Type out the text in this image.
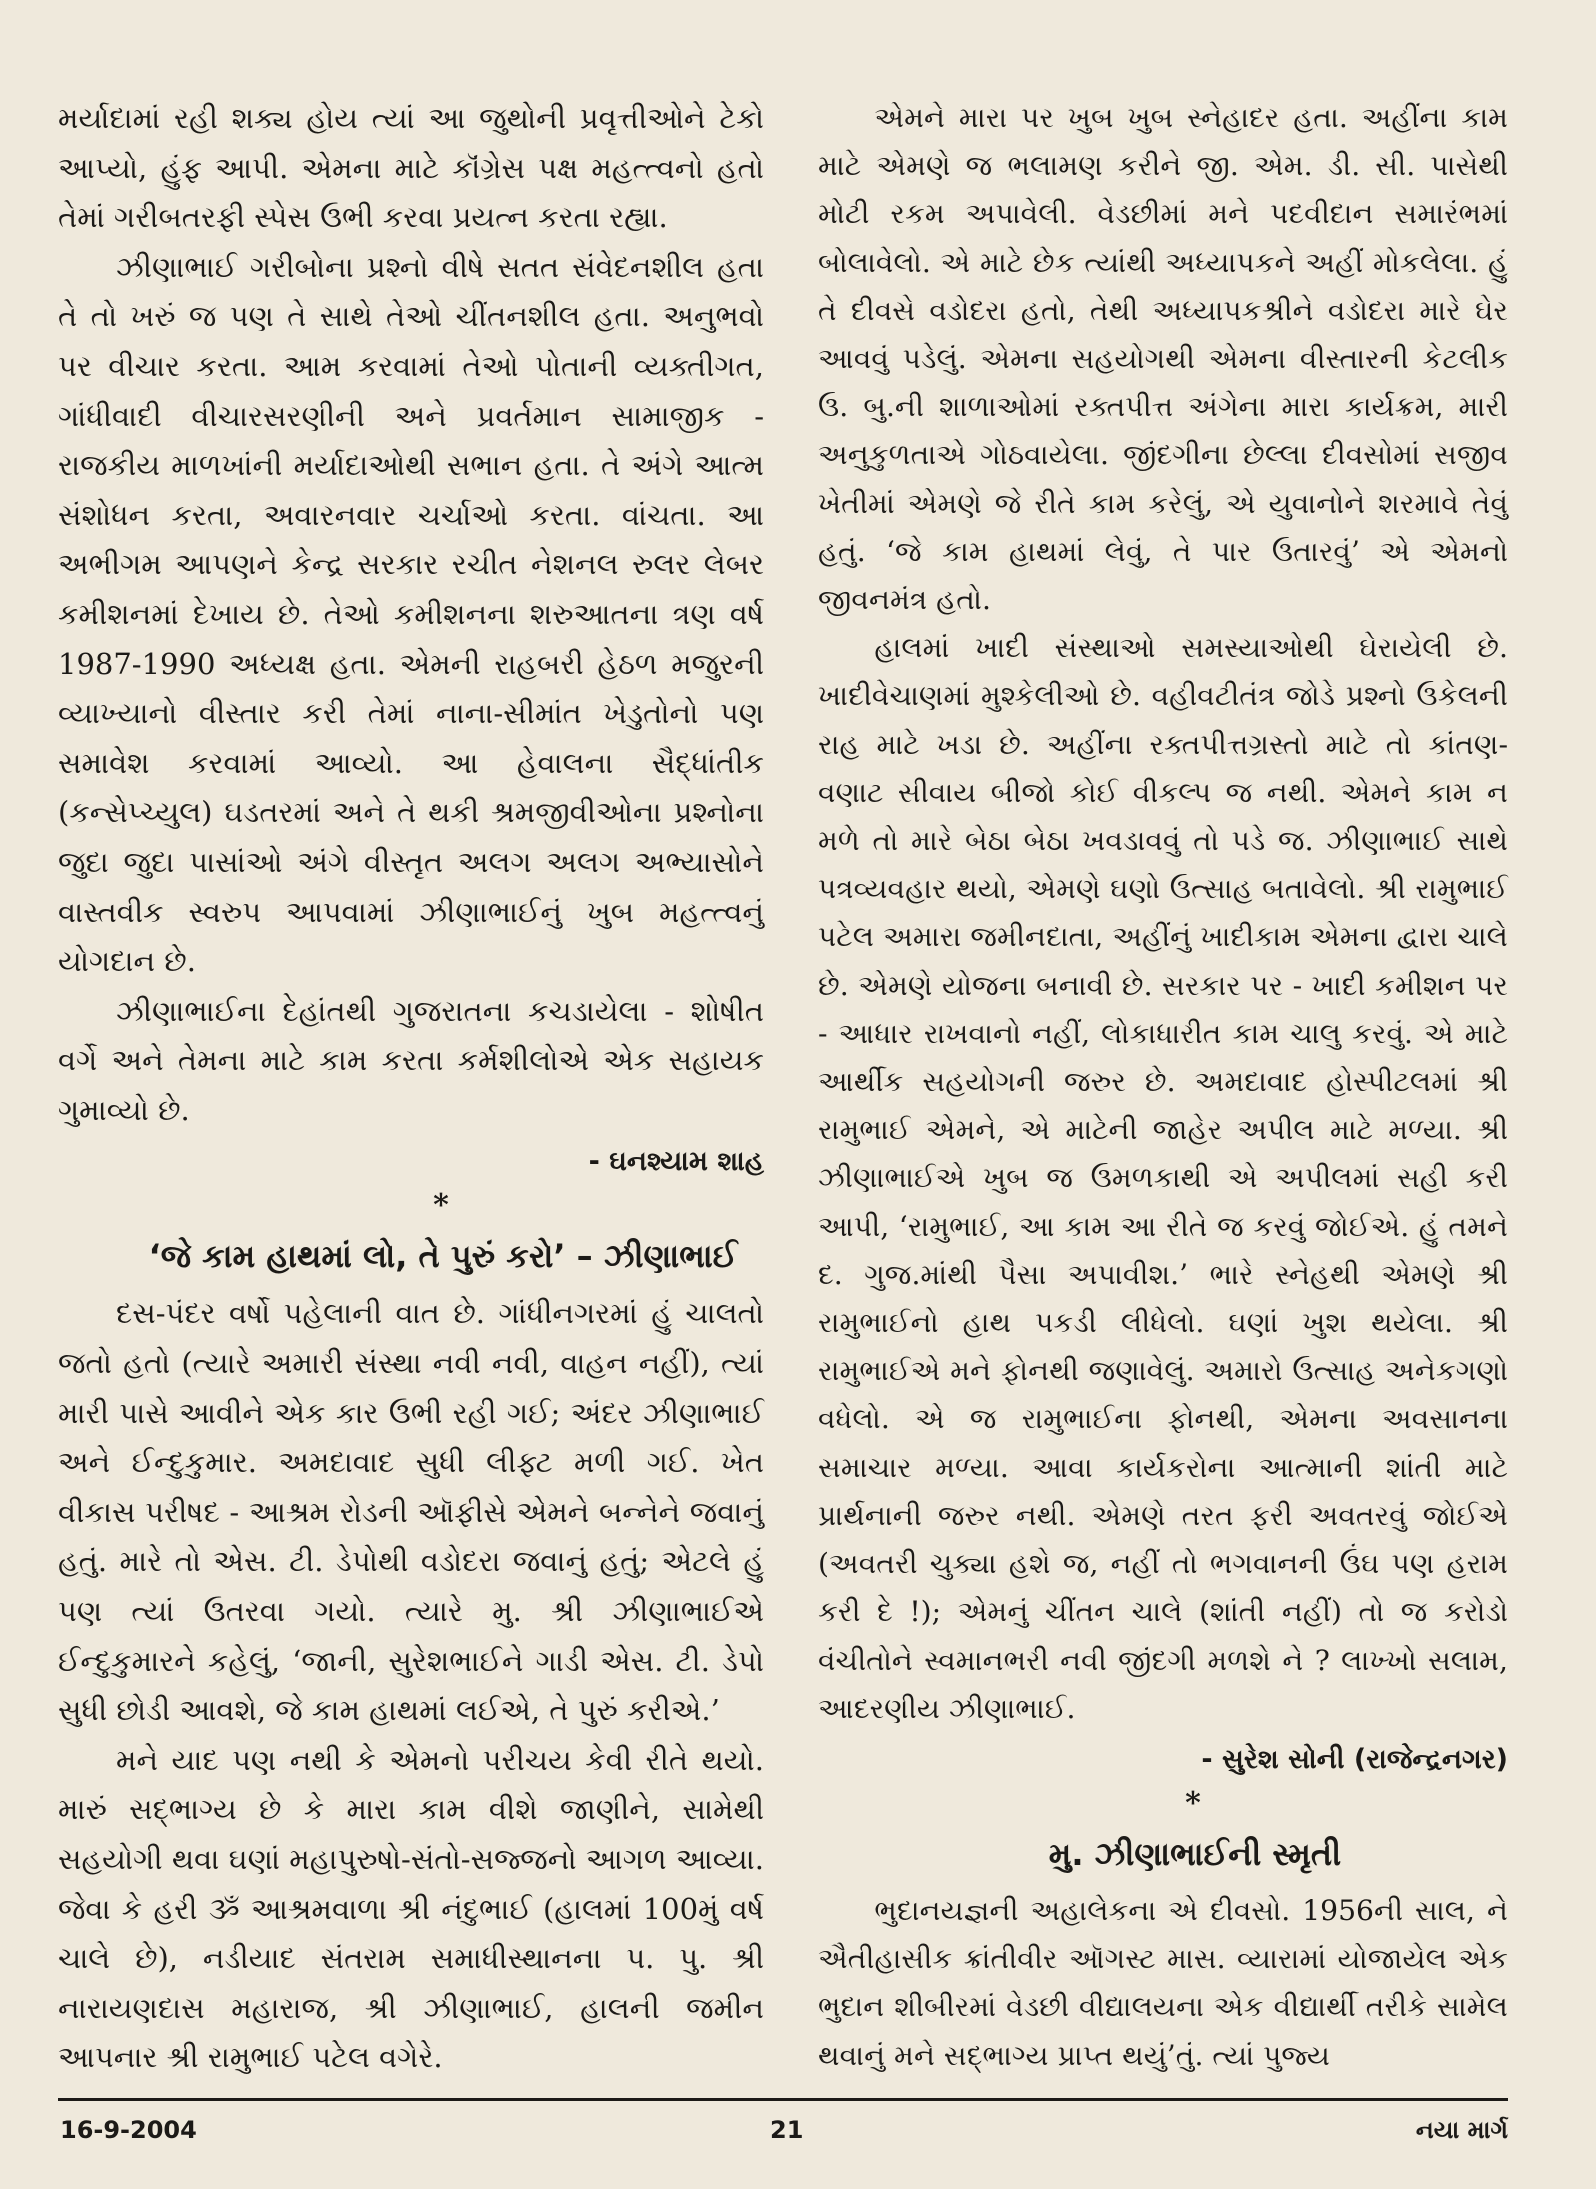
મર્યાદામાં રહી શક્ય હોય ત્યાં આ જુથોની પ્રવૃત્તીઓને ટેકો આપ્યો, હુંફ આપી. એમના માટે કૉંગ્રેસ પક્ષ મહત્ત્વનો હતો તેમાં ગરીબતરફી સ્પેસ ઉભી કરવા પ્રયત્ન કરતા રહ્યા.

ઝીણાભાઈ ગરીબોના પ્રશ્નો વીષે સતત સંવેદનશીલ હતા તે તો ખરું જ પણ તે સાથે તેઓ ચીંતનશીલ હતા. અનુભવો પર વીચાર કરતા. આમ કરવામાં તેઓ પોતાની વ્યક્તીગત, ગાંધીવાદી વીચારસરણીની અને પ્રવર્તમાન સામાજીક - રાજકીય માળખાંની મર્યાદાઓથી સભાન હતા. તે અંગે આત્મ સંશોધન કરતા, અવારનવાર ચર્ચાઓ કરતા. વાંચતા. આ અભીગમ આપણને કેન્દ્ર સરકાર રચીત નેશનલ રુલર લેબર કમીશનમાં દેખાય છે. તેઓ કમીશનના શરુઆતના ત્રણ વર્ષ 1987-1990 અધ્યક્ષ હતા. એમની રાહબરી હેઠળ મજુરની વ્યાખ્યાનો વીસ્તાર કરી તેમાં નાના-સીમાંત ખેડુતોનો પણ સમાવેશ કરવામાં આવ્યો. આ હેવાલના સૈદ્ધાંતીક (કન્સેપ્ચ્યુલ) ઘડતરમાં અને તે થકી શ્રમજીવીઓના પ્રશ્નોના જુદા જુદા પાસાંઓ અંગે વીસ્તૃત અલગ અલગ અભ્યાસોને વાસ્તવીક સ્વરુપ આપવામાં ઝીણાભાઈનું ખુબ મહત્ત્વનું યોગદાન છે.

ઝીણાભાઈના દેહાંતથી ગુજરાતના કચડાયેલા - શોષીત વર્ગે અને તેમના માટે કામ કરતા કર્મશીલોએ એક સહાયક ગુમાવ્યો છે.

- ઘનશ્યામ શાહ

*

‘જે કામ હાથમાં લો, તે પુરું કરો’ – ઝીણાભાઈ

દસ-પંદર વર્ષો પહેલાની વાત છે. ગાંધીનગરમાં હું ચાલતો જતો હતો (ત્યારે અમારી સંસ્થા નવી નવી, વાહન નહીં), ત્યાં મારી પાસે આવીને એક કાર ઉભી રહી ગઈ; અંદર ઝીણાભાઈ અને ઈન્દુકુમાર. અમદાવાદ સુધી લીફ્ટ મળી ગઈ. ખેત વીકાસ પરીષદ - આશ્રમ રોડની ઑફીસે એમને બન્નેને જવાનું હતું. મારે તો એસ. ટી. ડેપોથી વડોદરા જવાનું હતું; એટલે હું પણ ત્યાં ઉતરવા ગયો. ત્યારે મુ. શ્રી ઝીણાભાઈએ ઈન્દુકુમારને કહેલું, ‘જાની, સુરેશભાઈને ગાડી એસ. ટી. ડેપો સુધી છોડી આવશે, જે કામ હાથમાં લઈએ, તે પુરું કરીએ.’

મને યાદ પણ નથી કે એમનો પરીચય કેવી રીતે થયો. મારું સદ્‌ભાગ્ય છે કે મારા કામ વીશે જાણીને, સામેથી સહયોગી થવા ઘણાં મહાપુરુષો-સંતો-સજ્જનો આગળ આવ્યા. જેવા કે હરી ૐ આશ્રમવાળા શ્રી નંદુભાઈ (હાલમાં 100મું વર્ષ ચાલે છે), નડીયાદ સંતરામ સમાધીસ્થાનના પ. પુ. શ્રી નારાયણદાસ મહારાજ, શ્રી ઝીણાભાઈ, હાલની જમીન આપનાર શ્રી રામુભાઈ પટેલ વગેરે.

એમને મારા પર ખુબ ખુબ સ્નેહાદર હતા. અહીંના કામ માટે એમણે જ ભલામણ કરીને જી. એમ. ડી. સી. પાસેથી મોટી રકમ અપાવેલી. વેડછીમાં મને પદવીદાન સમારંભમાં બોલાવેલો. એ માટે છેક ત્યાંથી અધ્યાપકને અહીં મોકલેલા. હું તે દીવસે વડોદરા હતો, તેથી અધ્યાપકશ્રીને વડોદરા મારે ઘેર આવવું પડેલું. એમના સહયોગથી એમના વીસ્તારની કેટલીક ઉ. બુ.ની શાળાઓમાં રક્તપીત્ત અંગેના મારા કાર્યક્રમ, મારી અનુકુળતાએ ગોઠવાયેલા. જીંદગીના છેલ્લા દીવસોમાં સજીવ ખેતીમાં એમણે જે રીતે કામ કરેલું, એ યુવાનોને શરમાવે તેવું હતું. ‘જે કામ હાથમાં લેવું, તે પાર ઉતારવું’ એ એમનો જીવનમંત્ર હતો.

હાલમાં ખાદી સંસ્થાઓ સમસ્યાઓથી ઘેરાયેલી છે. ખાદીવેચાણમાં મુશ્કેલીઓ છે. વહીવટીતંત્ર જોડે પ્રશ્નો ઉકેલની રાહ માટે ખડા છે. અહીંના રક્તપીત્તગ્રસ્તો માટે તો કાંતણ-વણાટ સીવાય બીજો કોઈ વીકલ્પ જ નથી. એમને કામ ન મળે તો મારે બેઠા બેઠા ખવડાવવું તો પડે જ. ઝીણાભાઈ સાથે પત્રવ્યવહાર થયો, એમણે ઘણો ઉત્સાહ બતાવેલો. શ્રી રામુભાઈ પટેલ અમારા જમીનદાતા, અહીંનું ખાદીકામ એમના દ્વારા ચાલે છે. એમણે યોજના બનાવી છે. સરકાર પર - ખાદી કમીશન પર - આધાર રાખવાનો નહીં, લોકાધારીત કામ ચાલુ કરવું. એ માટે આર્થીક સહયોગની જરુર છે. અમદાવાદ હોસ્પીટલમાં શ્રી રામુભાઈ એમને, એ માટેની જાહેર અપીલ માટે મળ્યા. શ્રી ઝીણાભાઈએ ખુબ જ ઉમળકાથી એ અપીલમાં સહી કરી આપી, ‘રામુભાઈ, આ કામ આ રીતે જ કરવું જોઈએ. હું તમને દ. ગુજ.માંથી પૈસા અપાવીશ.’ ભારે સ્નેહથી એમણે શ્રી રામુભાઈનો હાથ પકડી લીધેલો. ઘણાં ખુશ થયેલા. શ્રી રામુભાઈએ મને ફોનથી જણાવેલું. અમારો ઉત્સાહ અનેકગણો વધેલો. એ જ રામુભાઈના ફોનથી, એમના અવસાનના સમાચાર મળ્યા. આવા કાર્યકરોના આત્માની શાંતી માટે પ્રાર્થનાની જરુર નથી. એમણે તરત ફરી અવતરવું જોઈએ (અવતરી ચુક્યા હશે જ, નહીં તો ભગવાનની ઉંઘ પણ હરામ કરી દે !); એમનું ચીંતન ચાલે (શાંતી નહીં) તો જ કરોડો વંચીતોને સ્વમાનભરી નવી જીંદગી મળશે ને ? લાખ્ખો સલામ, આદરણીય ઝીણાભાઈ.

- સુરેશ સોની (રાજેન્દ્રનગર)

*

મુ. ઝીણાભાઈની સ્મૃતી

ભુદાનયજ્ઞની અહાલેકના એ દીવસો. 1956ની સાલ, ને ઐતીહાસીક ક્રાંતીવીર ઑગસ્ટ માસ. વ્યારામાં યોજાયેલ એક ભુદાન શીબીરમાં વેડછી વીદ્યાલયના એક વીદ્યાર્થી તરીકે સામેલ થવાનું મને સદ્‌ભાગ્ય પ્રાપ્ત થયું’તું. ત્યાં પુજ્ય

16-9-2004	21	નયા માર્ગ
